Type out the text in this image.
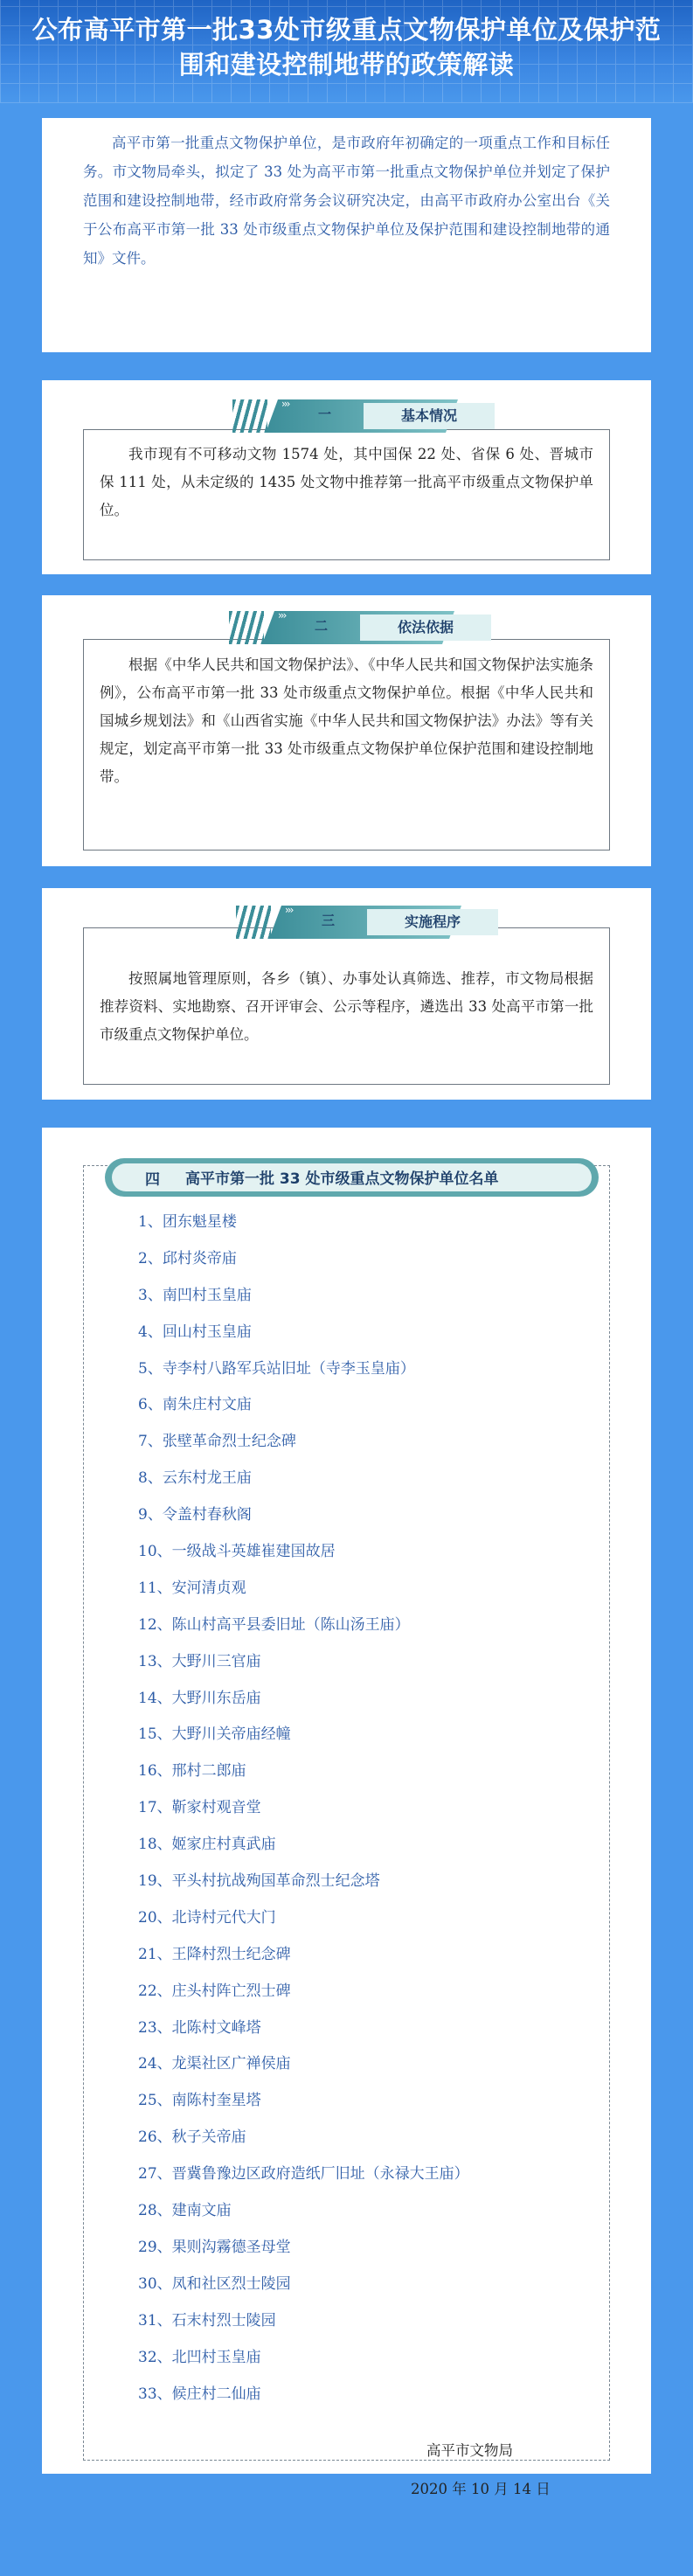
公布高平市第一批33处市级重点文物保护单位及保护范
围和建设控制地带的政策解读

高平市第一批重点文物保护单位，是市政府年初确定的一项重点工作和目标任务。市文物局牵头，拟定了 33 处为高平市第一批重点文物保护单位并划定了保护范围和建设控制地带，经市政府常务会议研究决定，由高平市政府办公室出台《关于公布高平市第一批 33 处市级重点文物保护单位及保护范围和建设控制地带的通知》文件。

我市现有不可移动文物 1574 处，其中国保 22 处、省保 6 处、晋城市保 111 处，从未定级的 1435 处文物中推荐第一批高平市级重点文物保护单位。

›››
一	基本情况

根据《中华人民共和国文物保护法》、《中华人民共和国文物保护法实施条例》，公布高平市第一批 33 处市级重点文物保护单位。根据《中华人民共和国城乡规划法》和《山西省实施《中华人民共和国文物保护法》办法》等有关规定，划定高平市第一批 33 处市级重点文物保护单位保护范围和建设控制地带。

›››
二	依法依据

按照属地管理原则，各乡（镇）、办事处认真筛选、推荐，市文物局根据推荐资料、实地勘察、召开评审会、公示等程序，遴选出 33 处高平市第一批市级重点文物保护单位。

›››
三	实施程序
四 高平市第一批 33 处市级重点文物保护单位名单
1、团东魁星楼
2、邱村炎帝庙
3、南凹村玉皇庙
4、回山村玉皇庙
5、寺李村八路军兵站旧址（寺李玉皇庙）
6、南朱庄村文庙
7、张壁革命烈士纪念碑
8、云东村龙王庙
9、令盖村春秋阁
10、一级战斗英雄崔建国故居
11、安河清贞观
12、陈山村高平县委旧址（陈山汤王庙）
13、大野川三官庙
14、大野川东岳庙
15、大野川关帝庙经幢
16、邢村二郎庙
17、靳家村观音堂
18、姬家庄村真武庙
19、平头村抗战殉国革命烈士纪念塔
20、北诗村元代大门
21、王降村烈士纪念碑
22、庄头村阵亡烈士碑
23、北陈村文峰塔
24、龙渠社区广禅侯庙
25、南陈村奎星塔
26、秋子关帝庙
27、晋冀鲁豫边区政府造纸厂旧址（永禄大王庙）
28、建南文庙
29、果则沟霧德圣母堂
30、凤和社区烈士陵园
31、石末村烈士陵园
32、北凹村玉皇庙
33、候庄村二仙庙
高平市文物局
2020 年 10 月 14 日
